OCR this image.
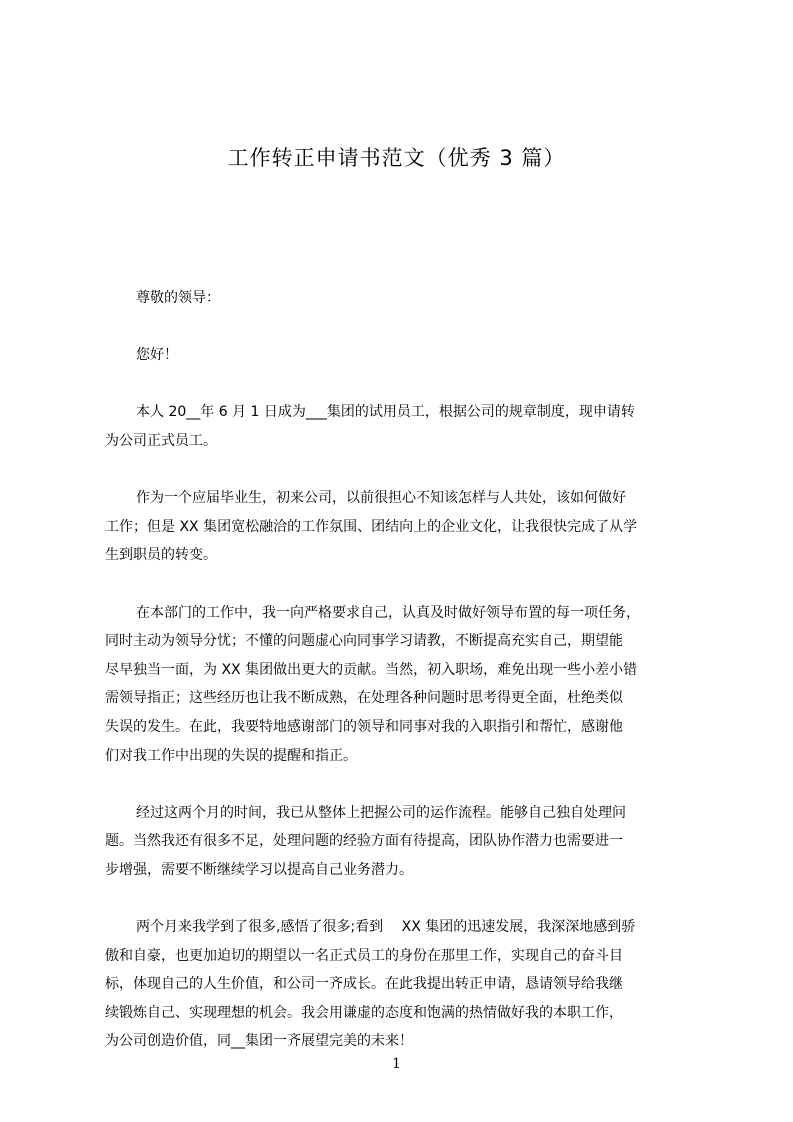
工作转正申请书范文（优秀 3 篇）

尊敬的领导：

您好！

本人 20__年 6 月 1 日成为___集团的试用员工，根据公司的规章制度，现申请转
为公司正式员工。

作为一个应届毕业生，初来公司，以前很担心不知该怎样与人共处，该如何做好
工作；但是 XX 集团宽松融洽的工作氛围、团结向上的企业文化，让我很快完成了从学
生到职员的转变。

在本部门的工作中，我一向严格要求自己，认真及时做好领导布置的每一项任务，
同时主动为领导分忧；不懂的问题虚心向同事学习请教，不断提高充实自己，期望能
尽早独当一面，为 XX 集团做出更大的贡献。当然，初入职场，难免出现一些小差小错
需领导指正；这些经历也让我不断成熟，在处理各种问题时思考得更全面，杜绝类似
失误的发生。在此，我要特地感谢部门的领导和同事对我的入职指引和帮忙，感谢他
们对我工作中出现的失误的提醒和指正。

经过这两个月的时间，我已从整体上把握公司的运作流程。能够自己独自处理问
题。当然我还有很多不足，处理问题的经验方面有待提高，团队协作潜力也需要进一
步增强，需要不断继续学习以提高自己业务潜力。

两个月来我学到了很多,感悟了很多;看到　 XX 集团的迅速发展，我深深地感到骄
傲和自豪，也更加迫切的期望以一名正式员工的身份在那里工作，实现自己的奋斗目
标，体现自己的人生价值，和公司一齐成长。在此我提出转正申请，恳请领导给我继
续锻炼自己、实现理想的机会。我会用谦虚的态度和饱满的热情做好我的本职工作，
为公司创造价值，同__集团一齐展望完美的未来！

1
